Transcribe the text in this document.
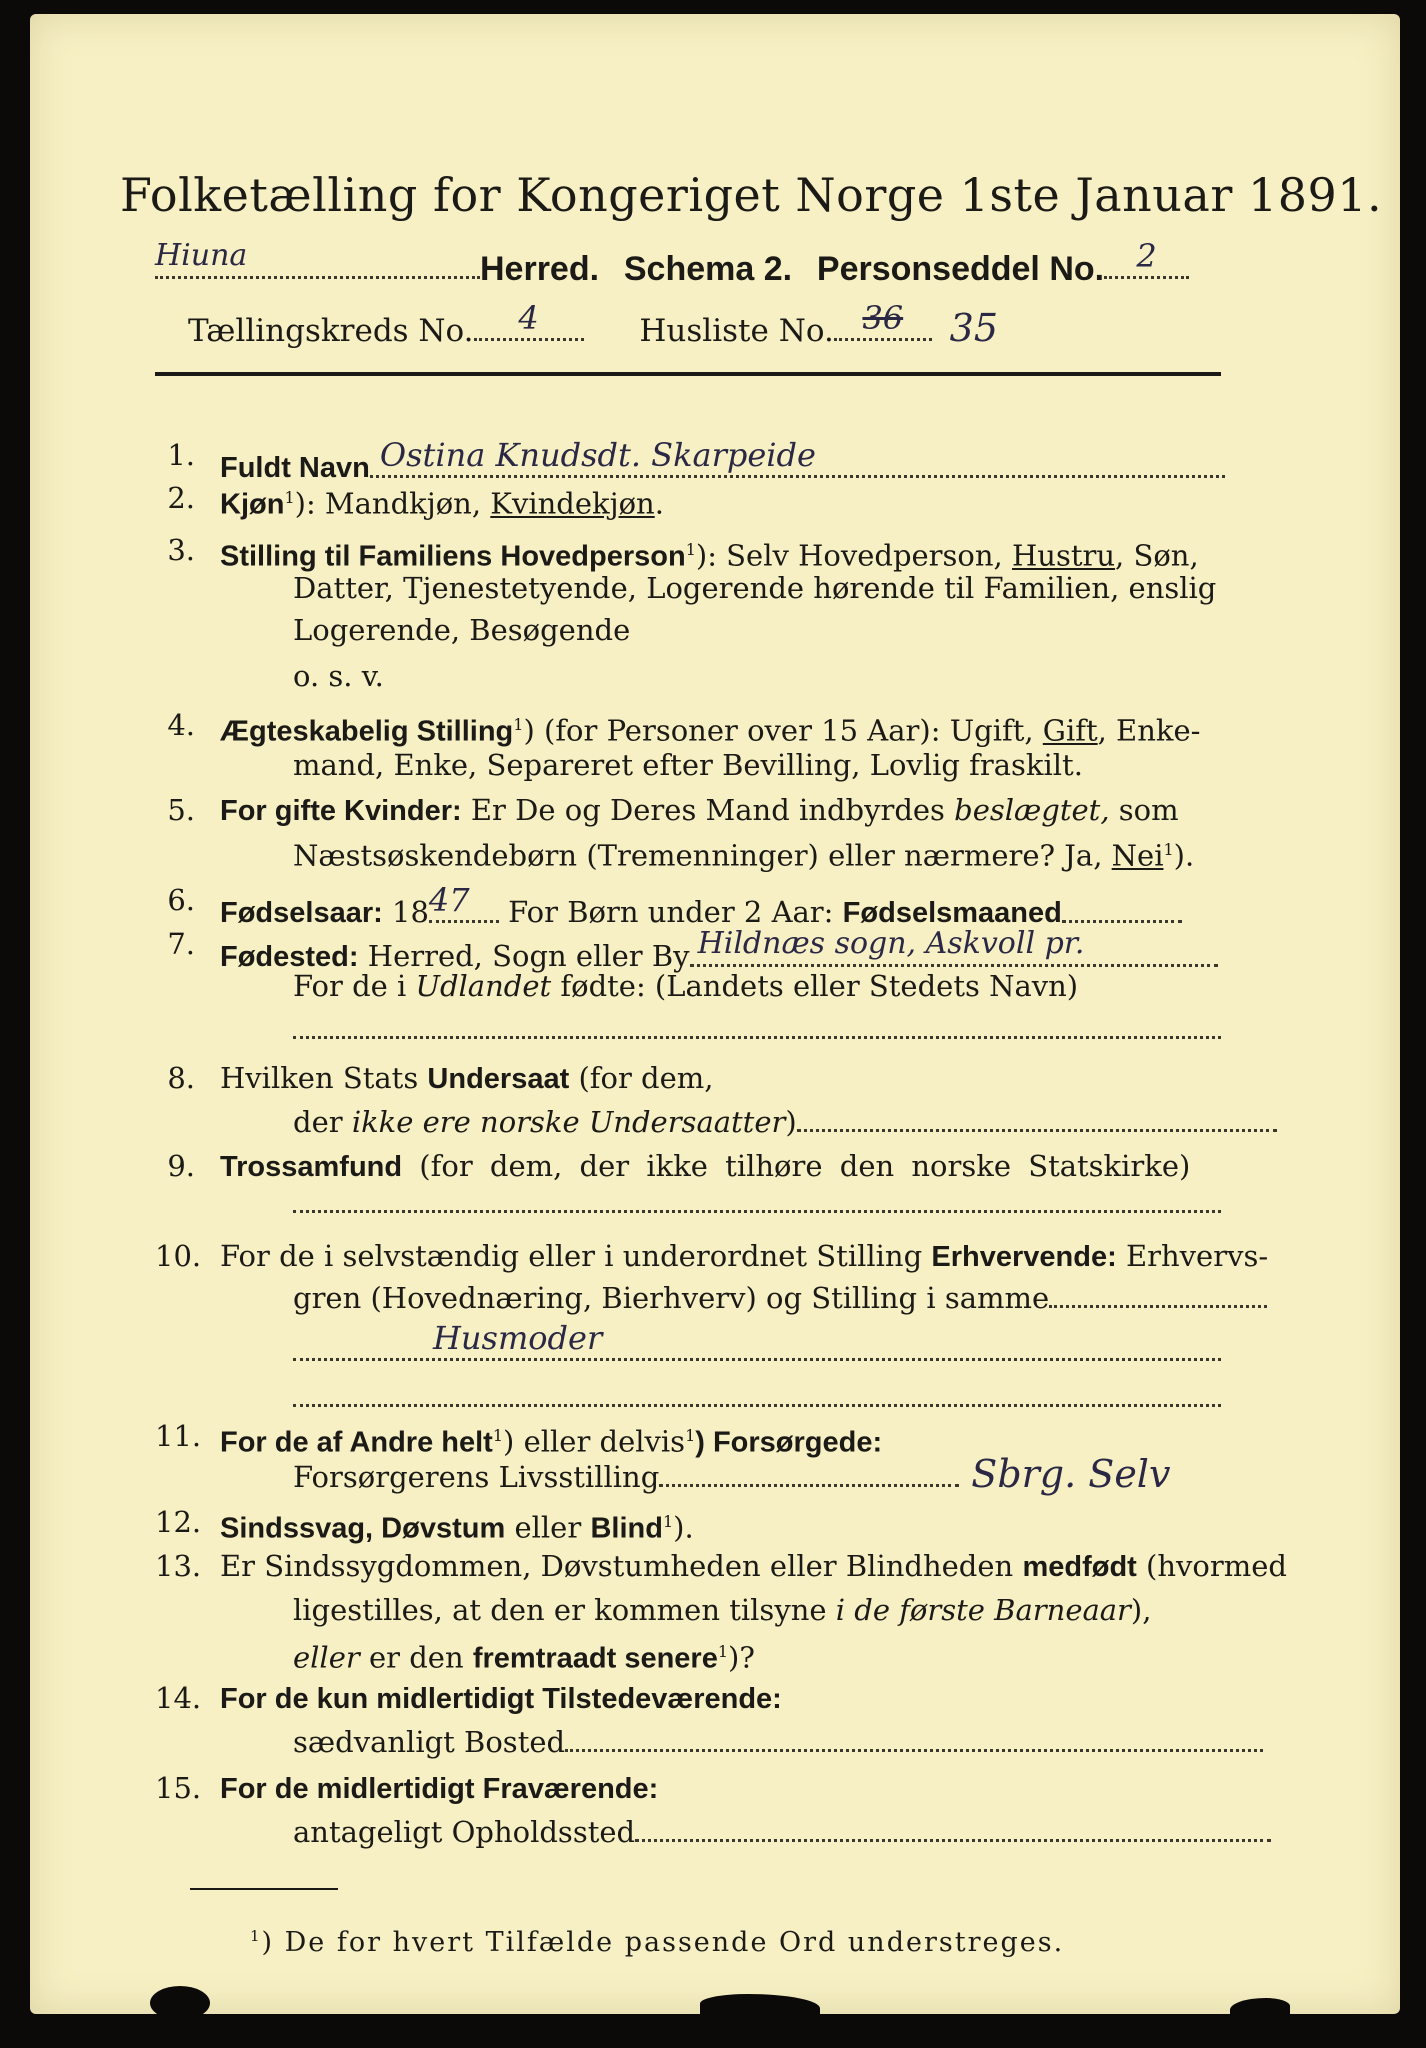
Folketælling for Kongeriget Norge 1ste Januar 1891.
Hiuna	Herred. Schema 2. Personseddel No. 2
Tællingskreds No. 4	Husliste No. 36 35
1. Fuldt Navn Ostina Knudsdt. Skarpeide
2. Kjøn$^1$): Mandkjøn, Kvindekjøn.
3. Stilling til Familiens Hovedperson$^1$): Selv Hovedperson, Hustru, Søn,
Datter, Tjenestetyende, Logerende hørende til Familien, enslig
Logerende, Besøgende
o. s. v.
4. Ægteskabelig Stilling$^1$) (for Personer over 15 Aar): Ugift, Gift, Enke-
mand, Enke, Separeret efter Bevilling, Lovlig fraskilt.
5. For gifte Kvinder: Er De og Deres Mand indbyrdes beslægtet, som
Næstsøskendebørn (Tremenninger) eller nærmere? Ja, Nei$^1$).
6. Fødselsaar: 1847 For Børn under 2 Aar: Fødselsmaaned
7. Fødested: Herred, Sogn eller By Hildnæs sogn, Askvoll pr.
For de i Udlandet fødte: (Landets eller Stedets Navn)
8. Hvilken Stats Undersaat (for dem,
der ikke ere norske Undersaatter)
9. Trossamfund (for dem, der ikke tilhøre den norske Statskirke)
10. For de i selvstændig eller i underordnet Stilling Erhvervende: Erhvervs-
gren (Hovednæring, Bierhverv) og Stilling i samme
Husmoder
11. For de af Andre helt$^1$) eller delvis$^1$) Forsørgede:
Forsørgerens Livsstilling	Sbrg. Selv
12. Sindssvag, Døvstum eller Blind$^1$).
13. Er Sindssygdommen, Døvstumheden eller Blindheden medfødt (hvormed
ligestilles, at den er kommen tilsyne i de første Barneaar),
eller er den fremtraadt senere$^1$)?
14. For de kun midlertidigt Tilstedeværende:
sædvanligt Bosted
15. For de midlertidigt Fraværende:
antageligt Opholdssted
$^1$) De for hvert Tilfælde passende Ord understreges.
